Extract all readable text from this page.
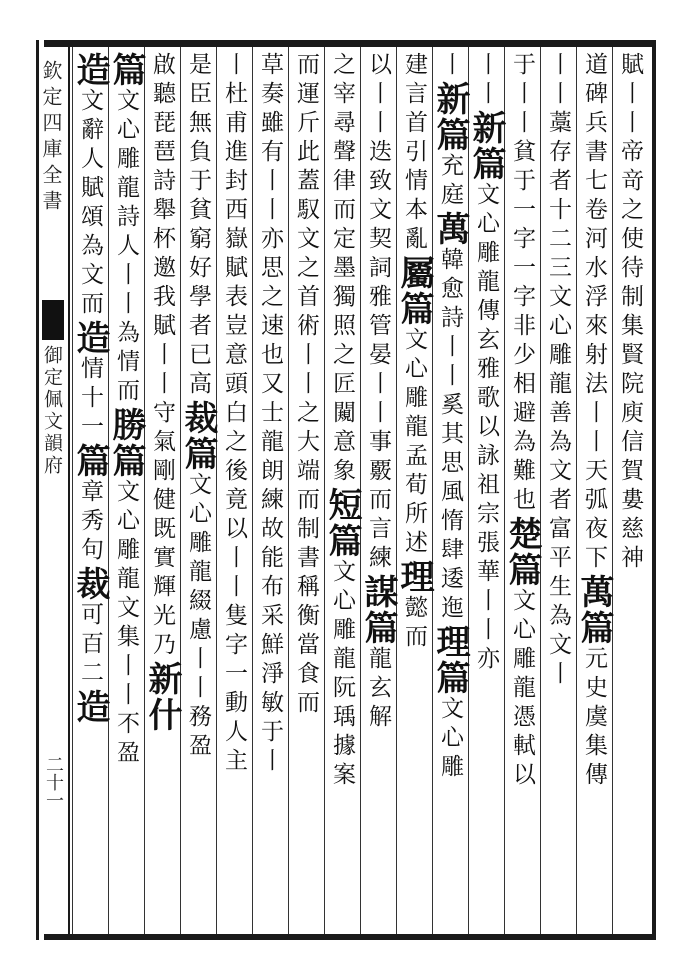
欽定四庫全書
御定佩文韻府
二十一
賦丨丨帝竒之使待制集賢院庾信賀婁慈神
道碑兵書七卷河水浮來射法丨丨天弧夜下萬篇元史虞集傳
丨丨藁存者十二三文心雕龍善為文者富平生為文丨
于丨丨貧于一字一字非少相避為難也楚篇文心雕龍憑軾以
丨丨新篇文心雕龍傳玄雅歌以詠祖宗張華丨丨亦
丨新篇充庭萬韓愈詩丨丨奚其思風惰肆逶迤理篇文心雕
建言首引情本亂屬篇文心雕龍孟荀所述理懿而
以丨丨迭致文契詞雅管晏丨丨事覈而言練謀篇龍玄解
之宰尋聲律而定墨獨照之匠闚意象短篇文心雕龍阮瑀據案
而運斤此蓋馭文之首術丨丨之大端而制書稱衡當食而
草奏雖有丨丨亦思之速也又士龍朗練故能布采鮮淨敏于丨
丨杜甫進封西嶽賦表豈意頭白之後竟以丨丨隻字一動人主
是臣無負于貧窮好學者已高裁篇文心雕龍綴慮丨丨務盈
啟聽琵琶詩舉杯邀我賦丨丨守氣剛健既實輝光乃新什
篇文心雕龍詩人丨丨為情而勝篇文心雕龍文集丨丨不盈
造文辭人賦頌為文而造情十一篇章秀句裁可百二造
